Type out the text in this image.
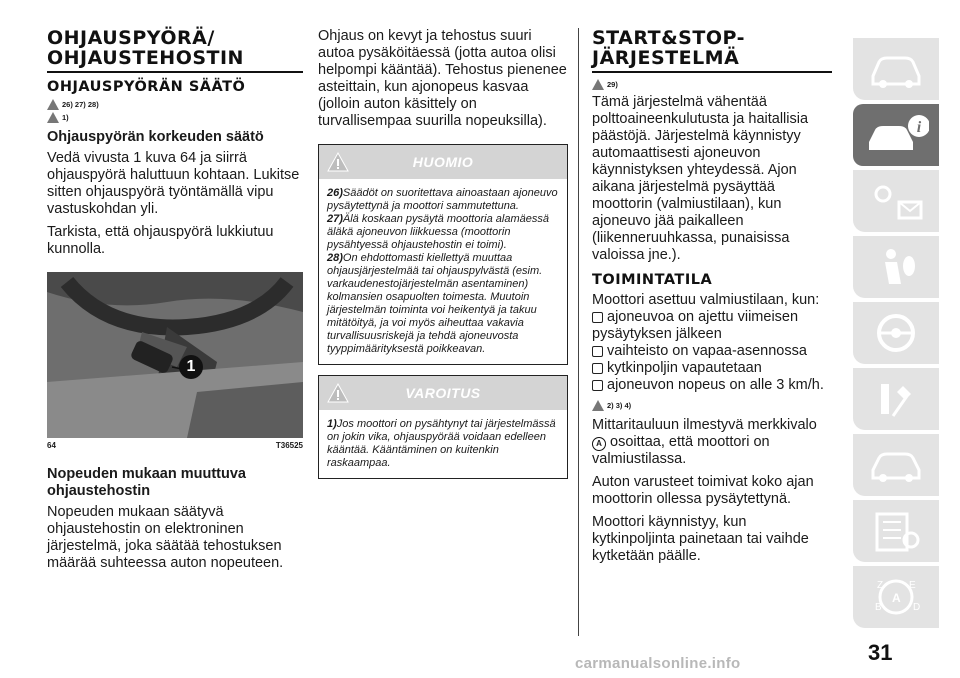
OHJAUSPYÖRÄ/
OHJAUSTEHOSTIN
OHJAUSPYÖRÄN SÄÄTÖ
26) 27) 28)
1)
Ohjauspyörän korkeuden säätö

Vedä vivusta 1 kuva 64 ja siirrä ohjauspyörä haluttuun kohtaan. Lukitse sitten ohjauspyörä työntämällä vipu vastuskohdan yli.

Tarkista, että ohjauspyörä lukkiutuu kunnolla.

1
64	T36525
Nopeuden mukaan muuttuva ohjaustehostin

Nopeuden mukaan säätyvä ohjaustehostin on elektroninen järjestelmä, joka säätää tehostuksen määrää suhteessa auton nopeuteen.

Ohjaus on kevyt ja tehostus suuri autoa pysäköitäessä (jotta autoa olisi helpompi kääntää). Tehostus pienenee asteittain, kun ajonopeus kasvaa (jolloin auton käsittely on turvallisempaa suurilla nopeuksilla).

HUOMIO
26)Säädöt on suoritettava ainoastaan ajoneuvo pysäytettynä ja moottori sammutettuna.
27)Älä koskaan pysäytä moottoria alamäessä äläkä ajoneuvon liikkuessa (moottorin pysähtyessä ohjaustehostin ei toimi).
28)On ehdottomasti kiellettyä muuttaa ohjausjärjestelmää tai ohjauspylvästä (esim. varkaudenestojärjestelmän asentaminen) kolmansien osapuolten toimesta. Muutoin järjestelmän toiminta voi heikentyä ja takuu mitätöityä, ja voi myös aiheuttaa vakavia turvallisuusriskejä ja tehdä ajoneuvosta tyyppimäärityksestä poikkeavan.
VAROITUS
1)Jos moottori on pysähtynyt tai järjestelmässä on jokin vika, ohjauspyörää voidaan edelleen kääntää. Kääntäminen on kuitenkin raskaampaa.
START&STOP-
JÄRJESTELMÄ
29)

Tämä järjestelmä vähentää polttoaineenkulutusta ja haitallisia päästöjä. Järjestelmä käynnistyy automaattisesti ajoneuvon käynnistyksen yhteydessä. Ajon aikana järjestelmä pysäyttää moottorin (valmiustilaan), kun ajoneuvo jää paikalleen (liikenneruuhkassa, punaisissa valoissa jne.).

TOIMINTATILA

Moottori asettuu valmiustilaan, kun:

ajoneuvoa on ajettu viimeisen

pysäytyksen jälkeen

vaihteisto on vapaa-asennossa
kytkinpoljin vapautetaan
ajoneuvon nopeus on alle 3 km/h.
2) 3) 4)

Mittaritauluun ilmestyvä merkkivalo

A osoittaa, että moottori on valmiustilassa.

Auton varusteet toimivat koko ajan moottorin ollessa pysäytettynä.

Moottori käynnistyy, kun kytkinpoljinta painetaan tai vaihde kytketään päälle.

i
Z	E
B	D
A
31
carmanualsonline.info
